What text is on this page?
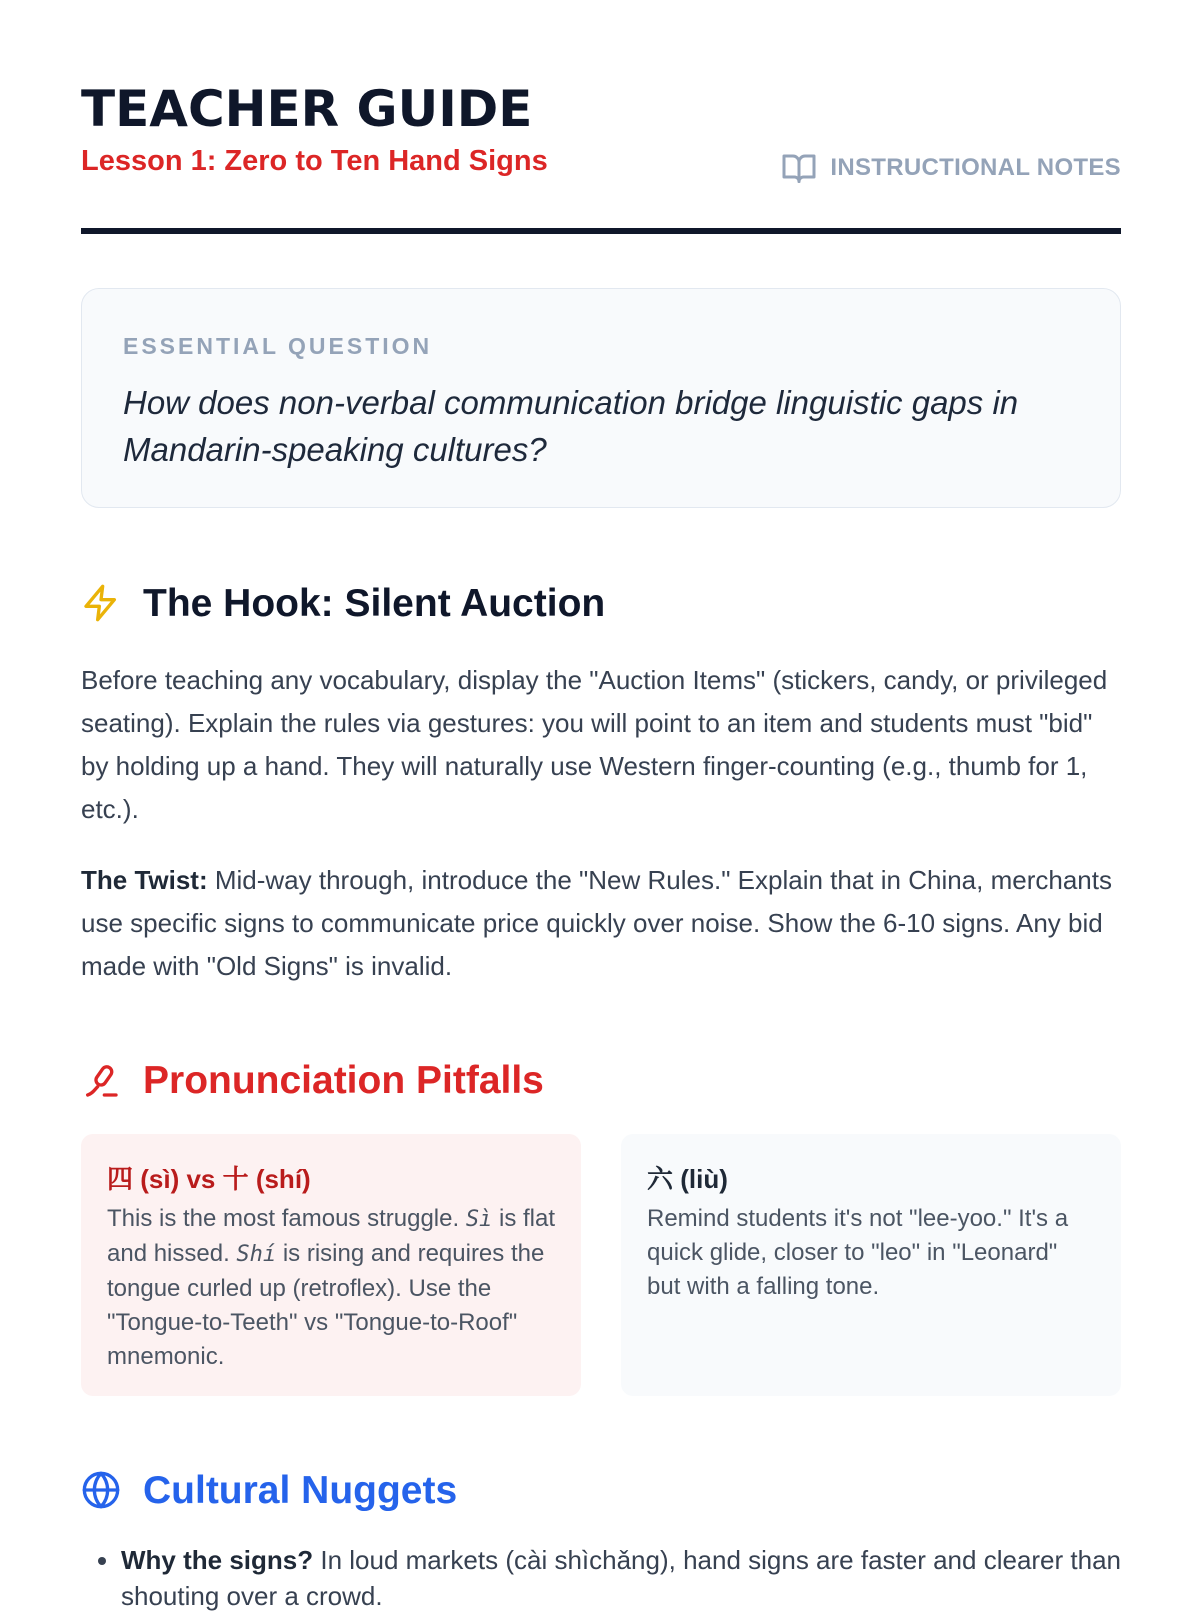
TEACHER GUIDE
Lesson 1: Zero to Ten Hand Signs	INSTRUCTIONAL NOTES
ESSENTIAL QUESTION
How does non-verbal communication bridge linguistic gaps in Mandarin-speaking cultures?
The Hook: Silent Auction

Before teaching any vocabulary, display the "Auction Items" (stickers, candy, or privileged seating). Explain the rules via gestures: you will point to an item and students must "bid" by holding up a hand. They will naturally use Western finger-counting (e.g., thumb for 1, etc.).

The Twist: Mid-way through, introduce the "New Rules." Explain that in China, merchants use specific signs to communicate price quickly over noise. Show the 6-10 signs. Any bid made with "Old Signs" is invalid.

Pronunciation Pitfalls
四 (sì) vs 十 (shí)

This is the most famous struggle. Sì is flat and hissed. Shí is rising and requires the tongue curled up (retroflex). Use the "Tongue-to-Teeth" vs "Tongue-to-Roof" mnemonic.

六 (liù)

Remind students it's not "lee-yoo." It's a quick glide, closer to "leo" in "Leonard" but with a falling tone.

Cultural Nuggets
• Why the signs? In loud markets (cài shìchǎng), hand signs are faster and clearer than shouting over a crowd.
